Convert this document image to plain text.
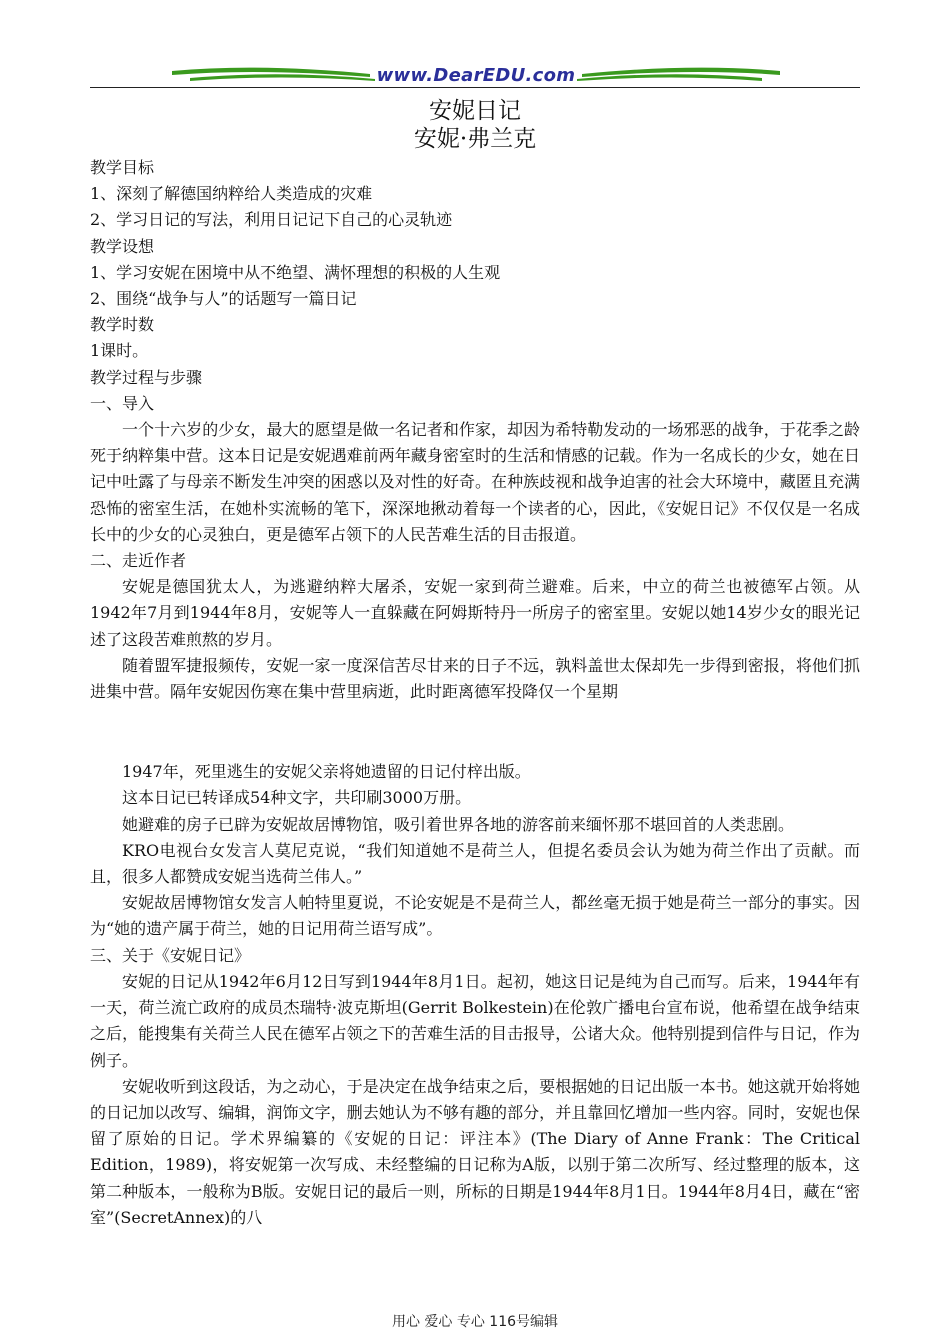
www.DearEDU.com
安妮日记
安妮·弗兰克

教学目标

1、深刻了解德国纳粹给人类造成的灾难

2、学习日记的写法，利用日记记下自己的心灵轨迹

教学设想

1、学习安妮在困境中从不绝望、满怀理想的积极的人生观

2、围绕“战争与人”的话题写一篇日记

教学时数

1课时。

教学过程与步骤

一、导入

一个十六岁的少女，最大的愿望是做一名记者和作家，却因为希特勒发动的一场邪恶的战争，于花季之龄死于纳粹集中营。这本日记是安妮遇难前两年藏身密室时的生活和情感的记载。作为一名成长的少女，她在日记中吐露了与母亲不断发生冲突的困惑以及对性的好奇。在种族歧视和战争迫害的社会大环境中，藏匿且充满恐怖的密室生活，在她朴实流畅的笔下，深深地揪动着每一个读者的心，因此，《安妮日记》不仅仅是一名成长中的少女的心灵独白，更是德军占领下的人民苦难生活的目击报道。

二、走近作者

安妮是德国犹太人，为逃避纳粹大屠杀，安妮一家到荷兰避难。后来，中立的荷兰也被德军占领。从1942年7月到1944年8月，安妮等人一直躲藏在阿姆斯特丹一所房子的密室里。安妮以她14岁少女的眼光记述了这段苦难煎熬的岁月。

随着盟军捷报频传，安妮一家一度深信苦尽甘来的日子不远，孰料盖世太保却先一步得到密报，将他们抓进集中营。隔年安妮因伤寒在集中营里病逝，此时距离德军投降仅一个星期

1947年，死里逃生的安妮父亲将她遗留的日记付梓出版。

这本日记已转译成54种文字，共印刷3000万册。

她避难的房子已辟为安妮故居博物馆，吸引着世界各地的游客前来缅怀那不堪回首的人类悲剧。

KRO电视台女发言人莫尼克说，“我们知道她不是荷兰人，但提名委员会认为她为荷兰作出了贡献。而且，很多人都赞成安妮当选荷兰伟人。”

安妮故居博物馆女发言人帕特里夏说，不论安妮是不是荷兰人，都丝毫无损于她是荷兰一部分的事实。因为“她的遗产属于荷兰，她的日记用荷兰语写成”。

三、关于《安妮日记》

安妮的日记从1942年6月12日写到1944年8月1日。起初，她这日记是纯为自己而写。后来，1944年有一天，荷兰流亡政府的成员杰瑞特·波克斯坦(Gerrit Bolkestein)在伦敦广播电台宣布说，他希望在战争结束之后，能搜集有关荷兰人民在德军占领之下的苦难生活的目击报导，公诸大众。他特别提到信件与日记，作为例子。

安妮收听到这段话，为之动心，于是决定在战争结束之后，要根据她的日记出版一本书。她这就开始将她的日记加以改写、编辑，润饰文字，删去她认为不够有趣的部分，并且靠回忆增加一些内容。同时，安妮也保留了原始的日记。学术界编纂的《安妮的日记：评注本》(The Diary of Anne Frank：The Critical Edition，1989)，将安妮第一次写成、未经整编的日记称为A版，以别于第二次所写、经过整理的版本，这第二种版本，一般称为B版。安妮日记的最后一则，所标的日期是1944年8月1日。1944年8月4日，藏在“密室”(SecretAnnex)的八

用心 爱心 专心 116号编辑
